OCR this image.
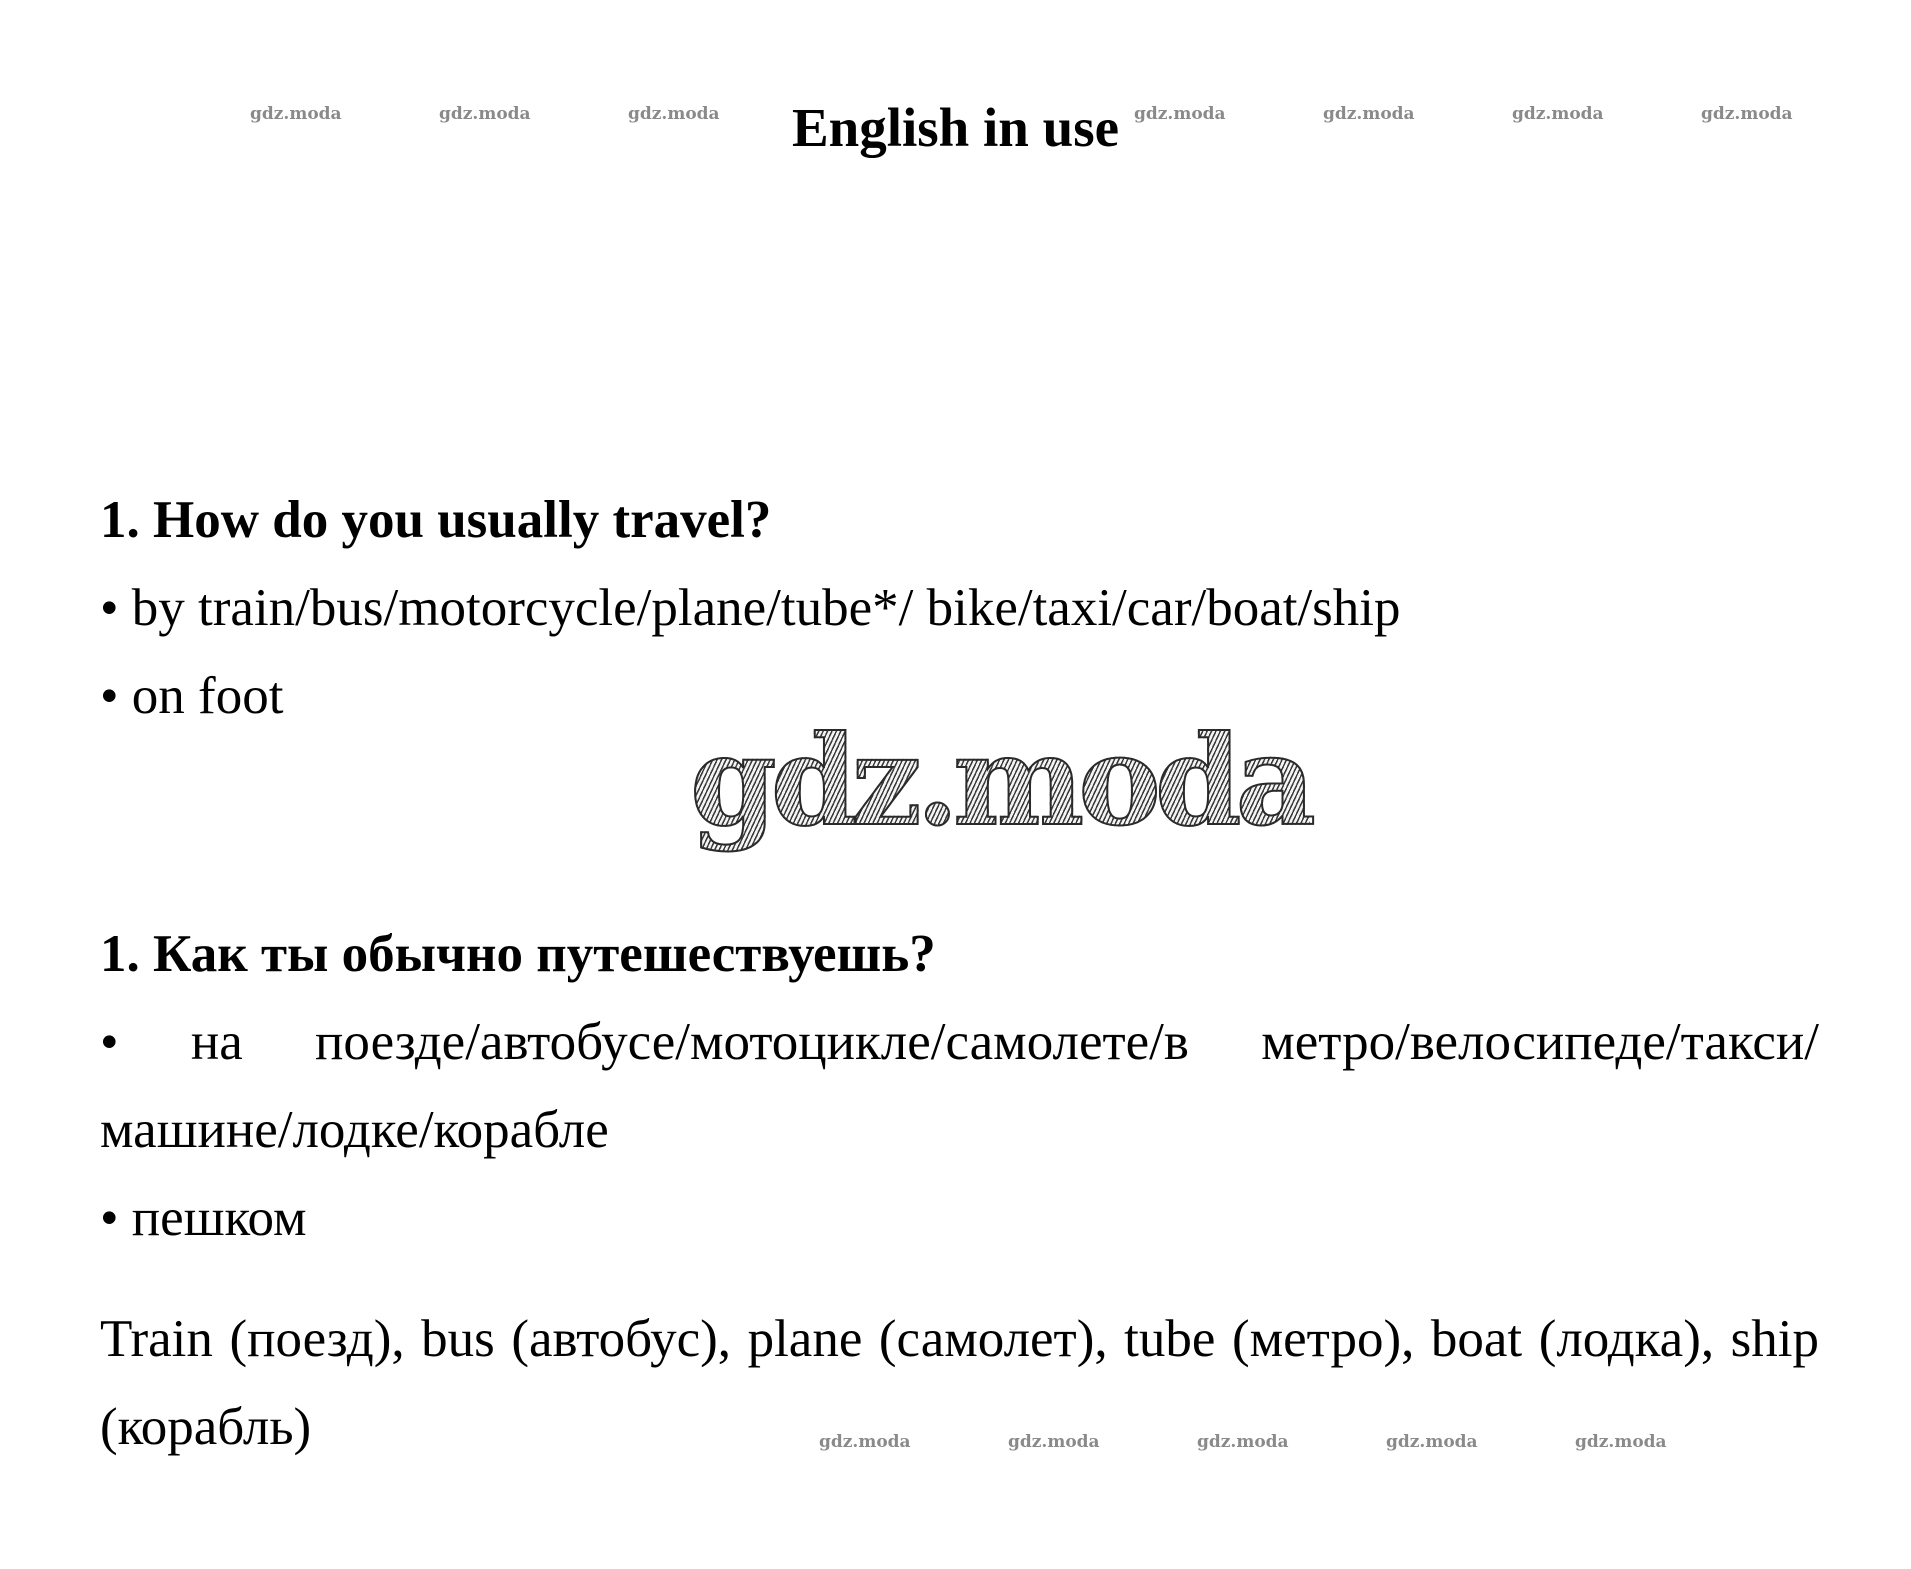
gdz.moda	gdz.moda	gdz.moda	gdz.moda	gdz.moda	gdz.moda	gdz.moda
English in use
1. How do you usually travel?
• by train/bus/motorcycle/plane/tube*/ bike/taxi/car/boat/ship
• on foot
gdz.moda
1. Как ты обычно путешествуешь?
• на поездe/автобусе/мотоцикле/самолете/в метро/велосипеде/такси/машине/лодке/корабле
• пешком
Train (поезд), bus (автобус), plane (самолет), tube (метро), boat (лодка), ship (корабль)	gdz.moda	gdz.moda	gdz.moda	gdz.moda	gdz.moda
